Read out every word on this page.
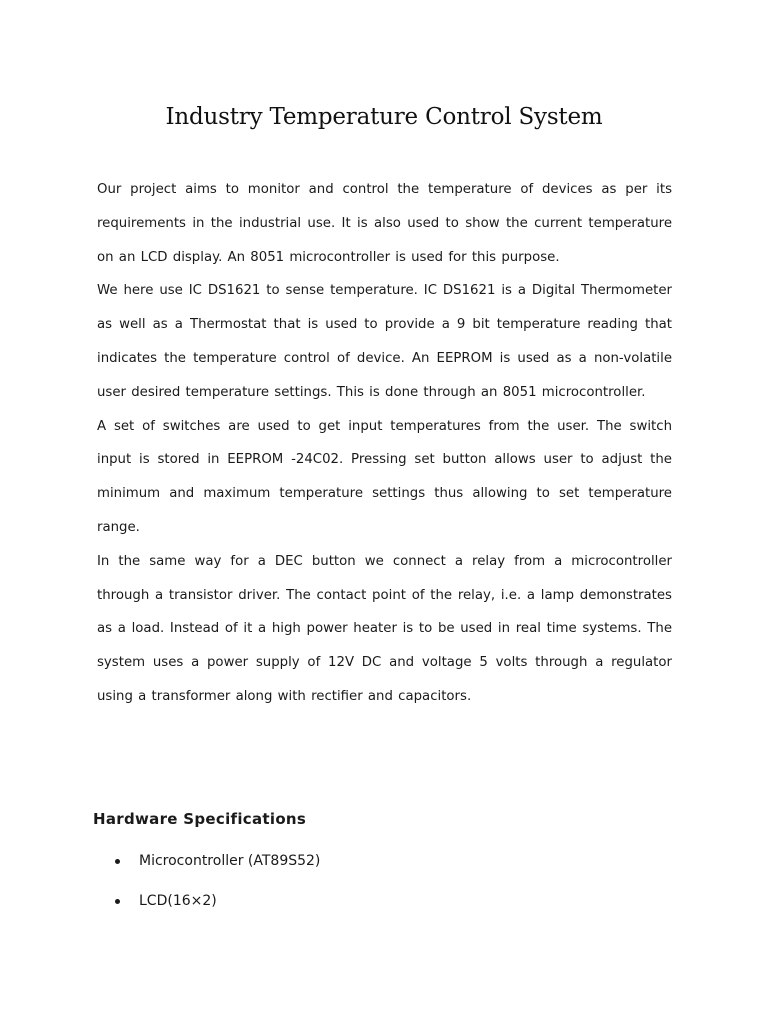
Industry Temperature Control System

Our project aims to monitor and control the temperature of devices as per its requirements in the industrial use. It is also used to show the current temperature on an LCD display. An 8051 microcontroller is used for this purpose.

We here use IC DS1621 to sense temperature. IC DS1621 is a Digital Thermometer as well as a Thermostat that is used to provide a 9 bit temperature reading that indicates the temperature control of device. An EEPROM is used as a non-volatile user desired temperature settings. This is done through an 8051 microcontroller.

A set of switches are used to get input temperatures from the user. The switch input is stored in EEPROM -24C02. Pressing set button allows user to adjust the minimum and maximum temperature settings thus allowing to set temperature range.

In the same way for a DEC button we connect a relay from a microcontroller through a transistor driver. The contact point of the relay, i.e. a lamp demonstrates as a load. Instead of it a high power heater is to be used in real time systems. The system uses a power supply of 12V DC and voltage 5 volts through a regulator using a transformer along with rectifier and capacitors.

Hardware Specifications
Microcontroller (AT89S52)
LCD(16×2)
